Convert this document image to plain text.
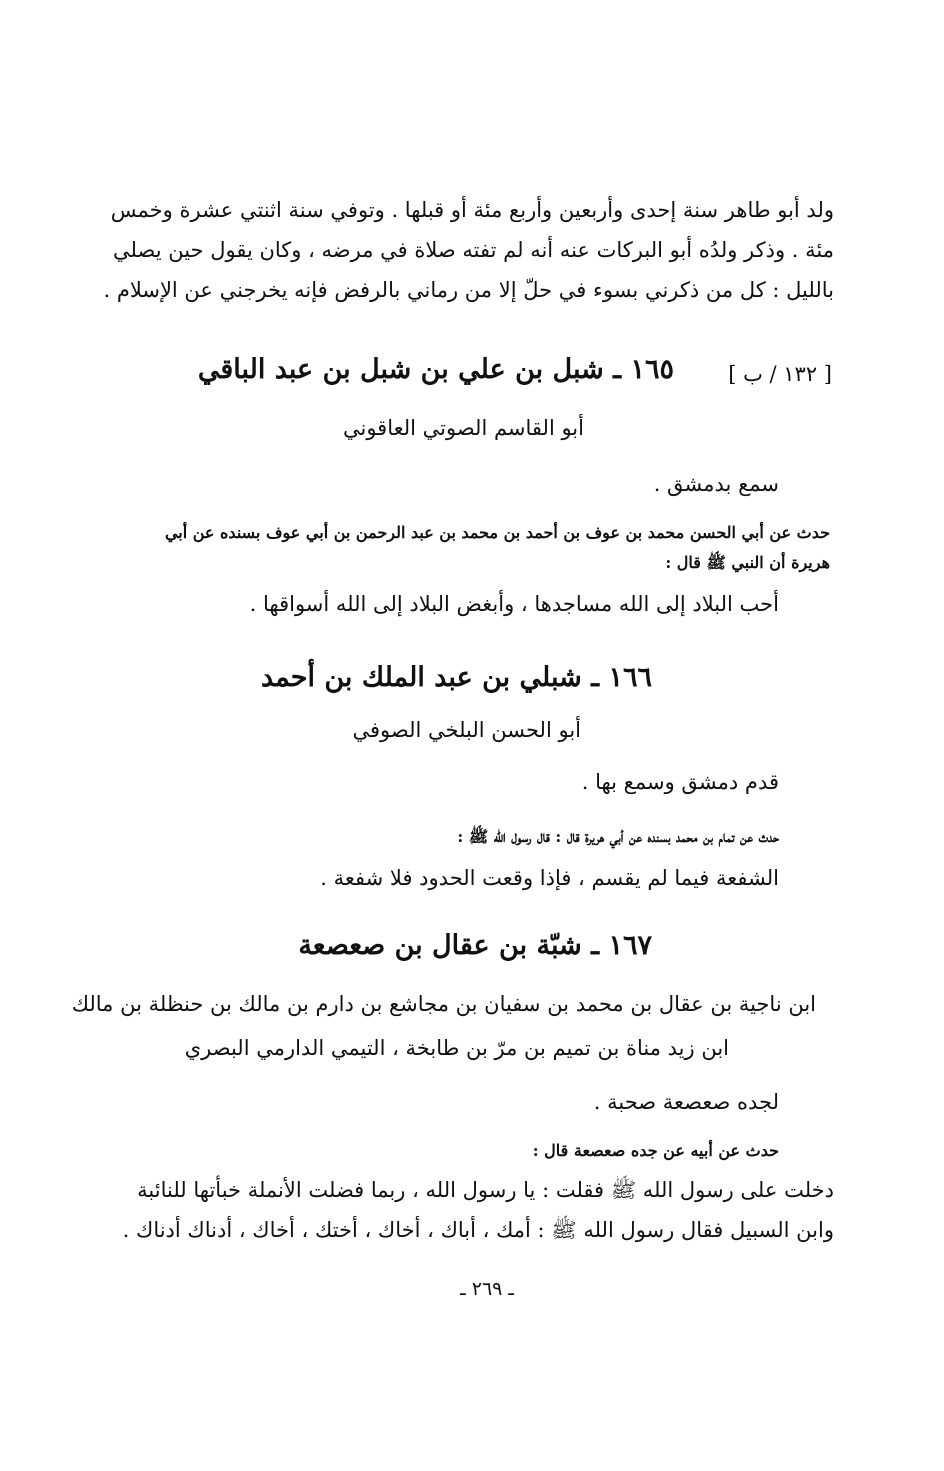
ولد أبو طاهر سنة إحدى وأربعين وأربع مئة أو قبلها . وتوفي سنة اثنتي عشرة وخمس
مئة . وذكر ولدُه أبو البركات عنه أنه لم تفته صلاة في مرضه ، وكان يقول حين يصلي
بالليل : كل من ذكرني بسوء في حلّ إلا من رماني بالرفض فإنه يخرجني عن الإسلام .
[ ١٣٢ / ب ]
١٦٥ ـ شبل بن علي بن شبل بن عبد الباقي
أبو القاسم الصوتي العاقوني
سمع بدمشق .
حدث عن أبي الحسن محمد بن عوف بن أحمد بن محمد بن عبد الرحمن بن أبي عوف بسنده عن أبي
هريرة أن النبي ﷺ قال :
أحب البلاد إلى الله مساجدها ، وأبغض البلاد إلى الله أسواقها .
١٦٦ ـ شبلي بن عبد الملك بن أحمد
أبو الحسن البلخي الصوفي
قدم دمشق وسمع بها .
حدث عن تمام بن محمد بسنده عن أبي هريرة قال : قال رسول الله ﷺ :
الشفعة فيما لم يقسم ، فإذا وقعت الحدود فلا شفعة .
١٦٧ ـ شبّة بن عقال بن صعصعة
ابن ناجية بن عقال بن محمد بن سفيان بن مجاشع بن دارم بن مالك بن حنظلة بن مالك
ابن زيد مناة بن تميم بن مرّ بن طابخة ، التيمي الدارمي البصري
لجده صعصعة صحبة .
حدث عن أبيه عن جده صعصعة قال :
دخلت على رسول الله ﷺ فقلت : يا رسول الله ، ربما فضلت الأنملة خبأتها للنائبة
وابن السبيل فقال رسول الله ﷺ : أمك ، أباك ، أخاك ، أختك ، أخاك ، أدناك أدناك .
ـ ٢٦٩ ـ
